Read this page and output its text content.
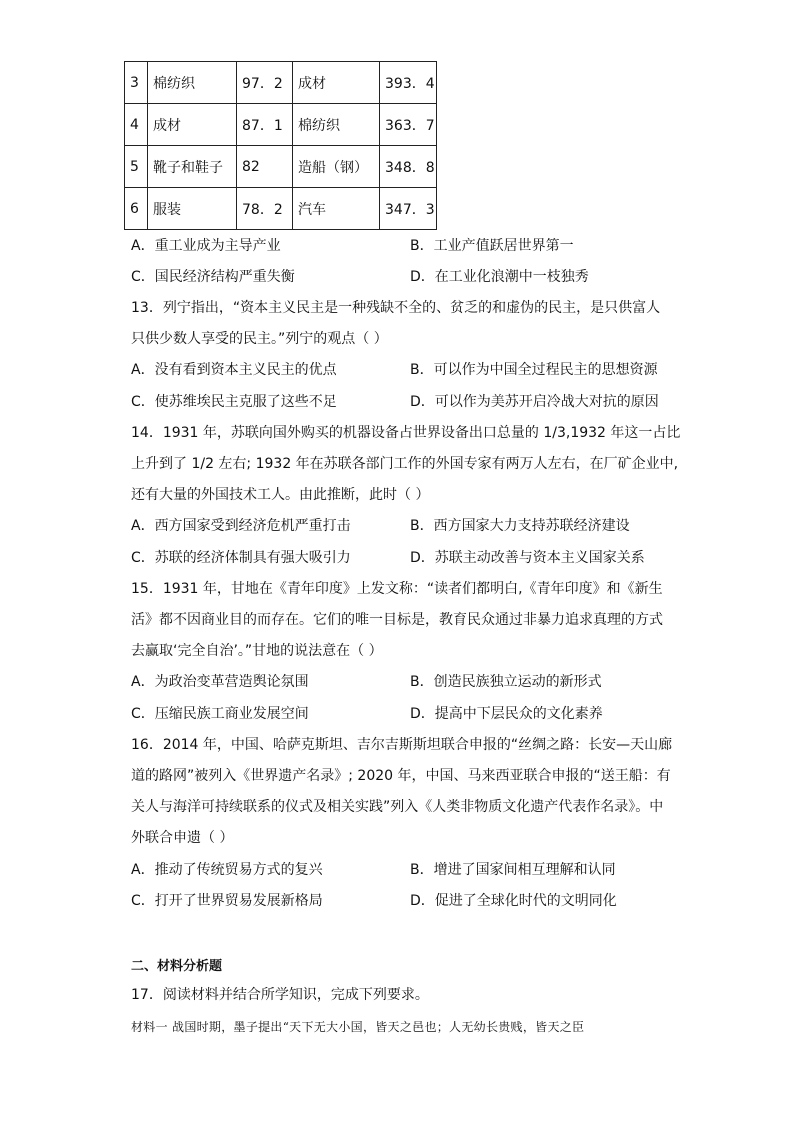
3	棉纺织	97．2	成材	393．4
4	成材	87．1	棉纺织	363．7
5	靴子和鞋子	82	造船（钢）	348．8
6	服装	78．2	汽车	347．3
A．重工业成为主导产业	B．工业产值跃居世界第一
C．国民经济结构严重失衡	D．在工业化浪潮中一枝独秀
13．列宁指出，“资本主义民主是一种残缺不全的、贫乏的和虚伪的民主，是只供富人
只供少数人享受的民主。”列宁的观点（ ）
A．没有看到资本主义民主的优点	B．可以作为中国全过程民主的思想资源
C．使苏维埃民主克服了这些不足	D．可以作为美苏开启冷战大对抗的原因
14．1931 年，苏联向国外购买的机器设备占世界设备出口总量的 1/3,1932 年这一占比
上升到了 1/2 左右; 1932 年在苏联各部门工作的外国专家有两万人左右，在厂矿企业中,
还有大量的外国技术工人。由此推断，此时（ ）
A．西方国家受到经济危机严重打击	B．西方国家大力支持苏联经济建设
C．苏联的经济体制具有强大吸引力	D．苏联主动改善与资本主义国家关系
15．1931 年，甘地在《青年印度》上发文称：“读者们都明白,《青年印度》和《新生
活》都不因商业目的而存在。它们的唯一目标是，教育民众通过非暴力追求真理的方式
去赢取‘完全自治’。”甘地的说法意在（ ）
A．为政治变革营造舆论氛围	B．创造民族独立运动的新形式
C．压缩民族工商业发展空间	D．提高中下层民众的文化素养
16．2014 年，中国、哈萨克斯坦、吉尔吉斯斯坦联合申报的“丝绸之路：长安—天山廊
道的路网”被列入《世界遗产名录》; 2020 年，中国、马来西亚联合申报的“送王船：有
关人与海洋可持续联系的仪式及相关实践”列入《人类非物质文化遗产代表作名录》。中
外联合申遗（ ）
A．推动了传统贸易方式的复兴	B．增进了国家间相互理解和认同
C．打开了世界贸易发展新格局	D．促进了全球化时代的文明同化
二、材料分析题
17．阅读材料并结合所学知识，完成下列要求。
材料一 战国时期，墨子提出“天下无大小国，皆天之邑也；人无幼长贵贱，皆天之臣
